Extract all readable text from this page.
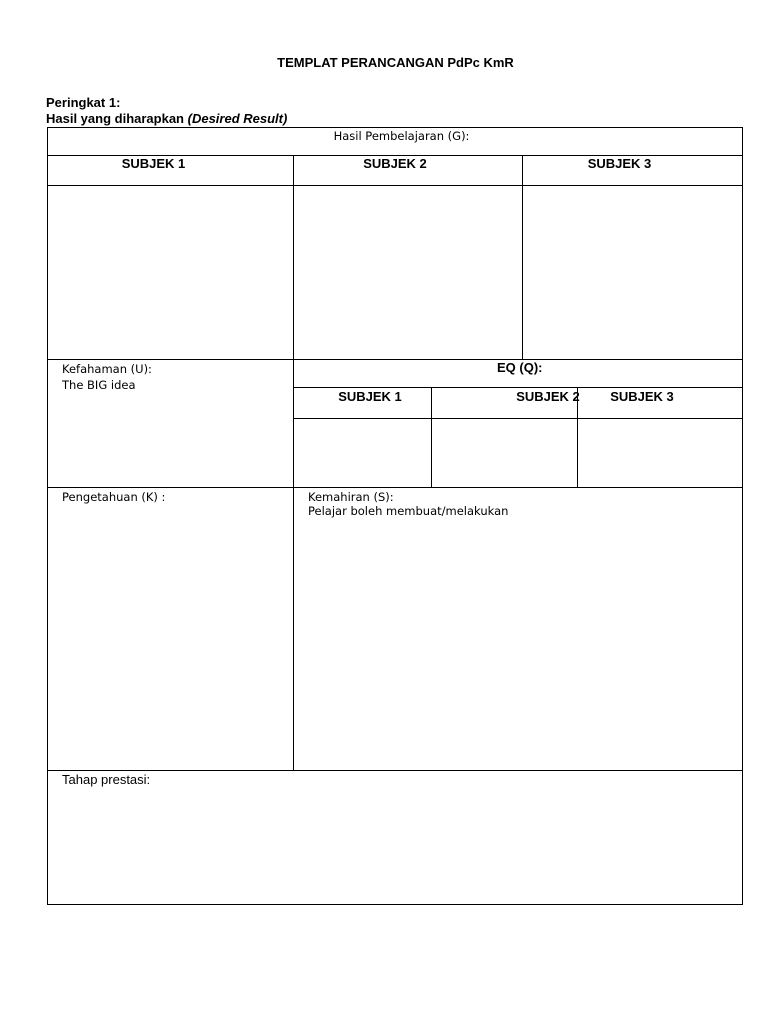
TEMPLAT PERANCANGAN PdPc KmR
Peringkat 1:
Hasil yang diharapkan (Desired Result)
Hasil Pembelajaran (G):
SUBJEK 1	SUBJEK 2	SUBJEK 3
Kefahaman (U):
The BIG idea
EQ (Q):
SUBJEK 1	SUBJEK 2	SUBJEK 3
Pengetahuan (K) :	Kemahiran (S):
Pelajar boleh membuat/melakukan
Tahap prestasi:
